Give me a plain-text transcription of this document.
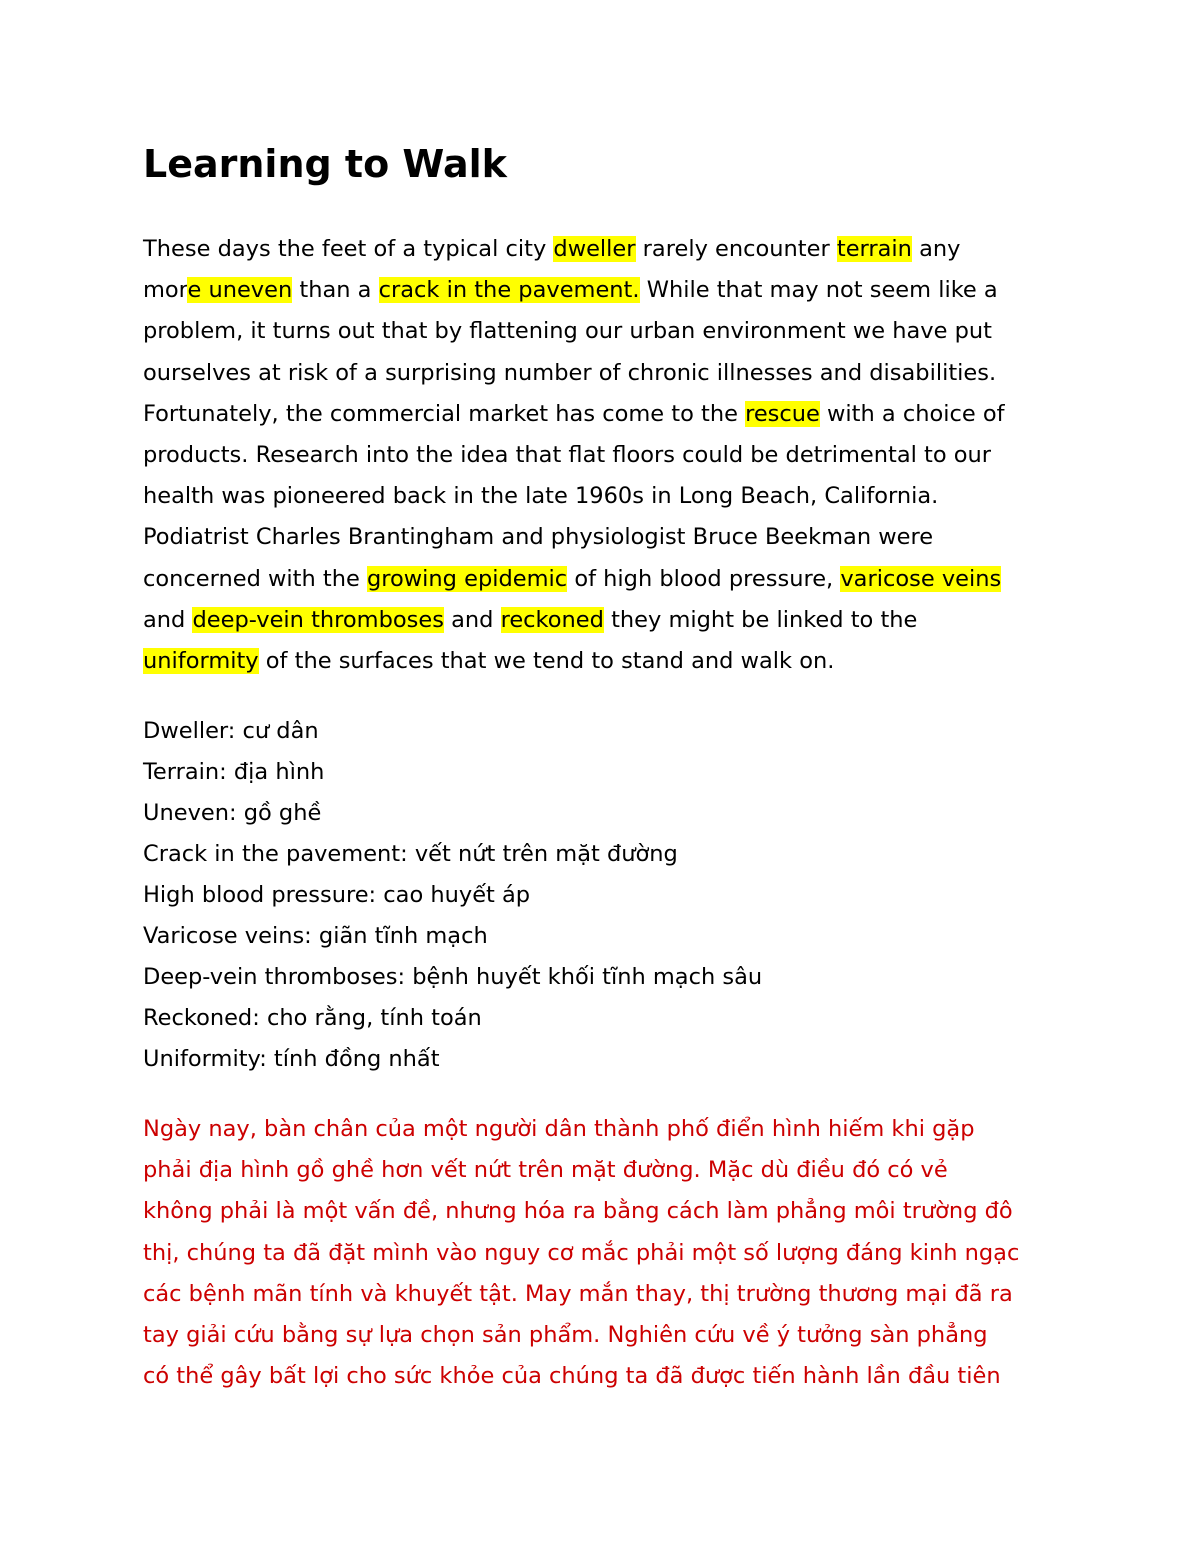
Learning to Walk
These days the feet of a typical city dweller rarely encounter terrain any
more uneven than a crack in the pavement. While that may not seem like a
problem, it turns out that by flattening our urban environment we have put
ourselves at risk of a surprising number of chronic illnesses and disabilities.
Fortunately, the commercial market has come to the rescue with a choice of
products. Research into the idea that flat floors could be detrimental to our
health was pioneered back in the late 1960s in Long Beach, California.
Podiatrist Charles Brantingham and physiologist Bruce Beekman were
concerned with the growing epidemic of high blood pressure, varicose veins
and deep-vein thromboses and reckoned they might be linked to the
uniformity of the surfaces that we tend to stand and walk on.
Dweller: cư dân
Terrain: địa hình
Uneven: gồ ghề
Crack in the pavement: vết nứt trên mặt đường
High blood pressure: cao huyết áp
Varicose veins: giãn tĩnh mạch
Deep-vein thromboses: bệnh huyết khối tĩnh mạch sâu
Reckoned: cho rằng, tính toán
Uniformity: tính đồng nhất
Ngày nay, bàn chân của một người dân thành phố điển hình hiếm khi gặp
phải địa hình gồ ghề hơn vết nứt trên mặt đường. Mặc dù điều đó có vẻ
không phải là một vấn đề, nhưng hóa ra bằng cách làm phẳng môi trường đô
thị, chúng ta đã đặt mình vào nguy cơ mắc phải một số lượng đáng kinh ngạc
các bệnh mãn tính và khuyết tật. May mắn thay, thị trường thương mại đã ra
tay giải cứu bằng sự lựa chọn sản phẩm. Nghiên cứu về ý tưởng sàn phẳng
có thể gây bất lợi cho sức khỏe của chúng ta đã được tiến hành lần đầu tiên
